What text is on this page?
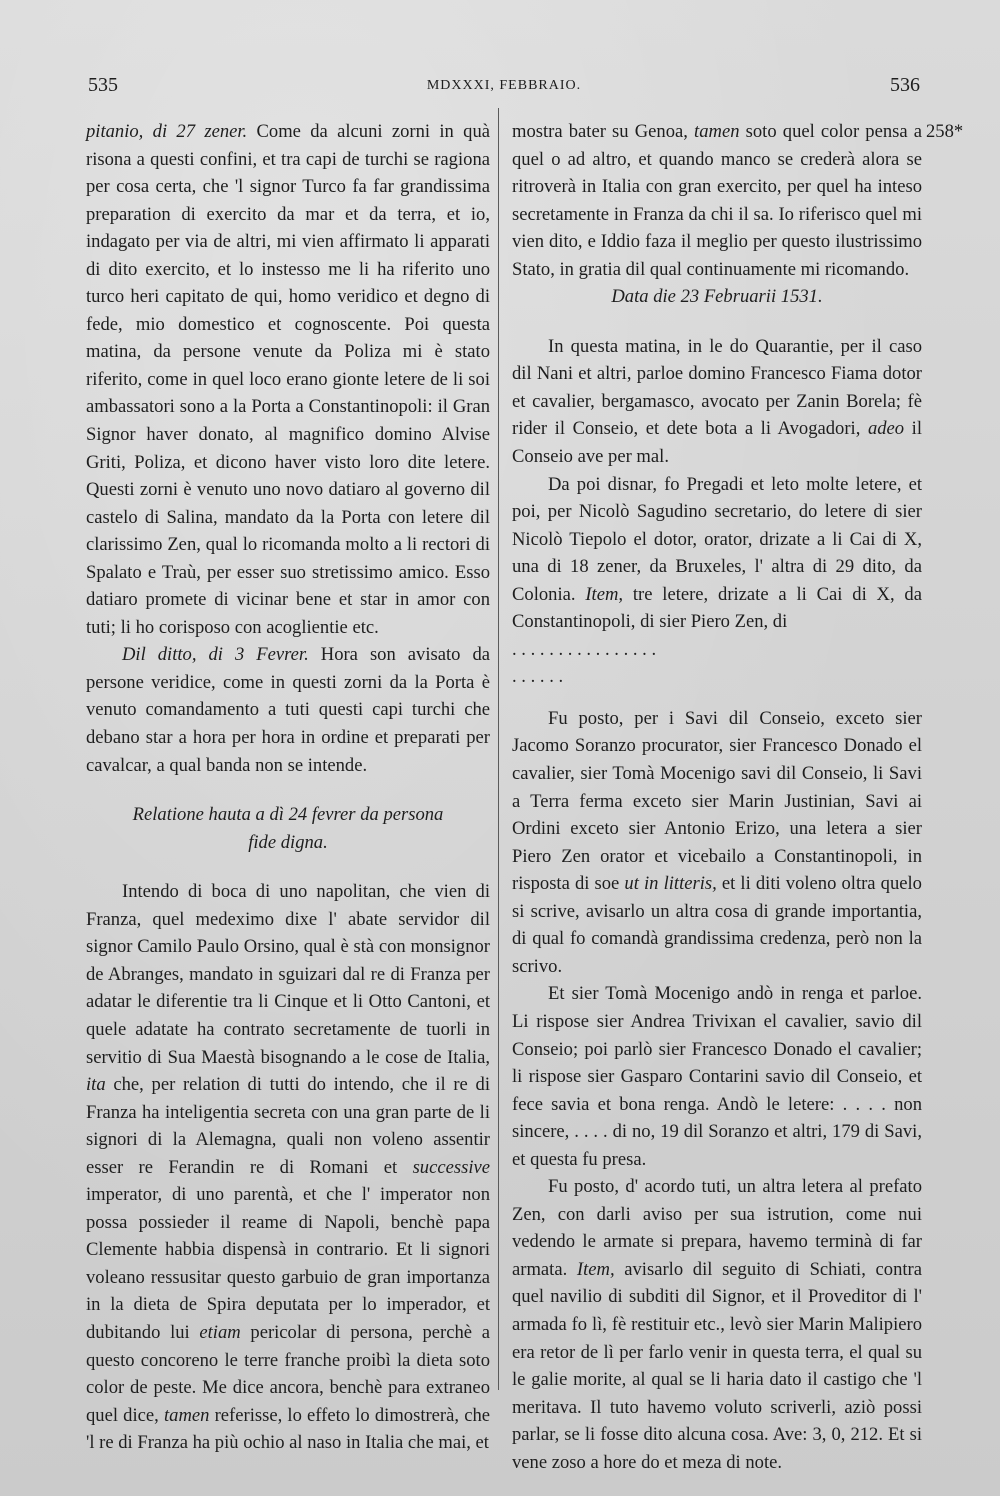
535	MDXXXI, FEBBRAIO.	536
258*

pitanio, di 27 zener. Come da alcuni zorni in quà risona a questi confini, et tra capi de turchi se ragiona per cosa certa, che 'l signor Turco fa far grandissima preparation di exercito da mar et da terra, et io, indagato per via de altri, mi vien affirmato li apparati di dito exercito, et lo instesso me li ha riferito uno turco heri capitato de qui, homo veridico et degno di fede, mio domestico et cognoscente. Poi questa matina, da persone venute da Poliza mi è stato riferito, come in quel loco erano gionte letere de li soi ambassatori sono a la Porta a Constantinopoli: il Gran Signor haver donato, al magnifico domino Alvise Griti, Poliza, et dicono haver visto loro dite letere. Questi zorni è venuto uno novo datiaro al governo dil castelo di Salina, mandato da la Porta con letere dil clarissimo Zen, qual lo ricomanda molto a li rectori di Spalato e Traù, per esser suo stretissimo amico. Esso datiaro promete di vicinar bene et star in amor con tuti; li ho corisposo con acoglientie etc.

Dil ditto, di 3 Fevrer. Hora son avisato da persone veridice, come in questi zorni da la Porta è venuto comandamento a tuti questi capi turchi che debano star a hora per hora in ordine et preparati per cavalcar, a qual banda non se intende.

Relatione hauta a dì 24 fevrer da persona
fide digna.

Intendo di boca di uno napolitan, che vien di Franza, quel medeximo dixe l' abate servidor dil signor Camilo Paulo Orsino, qual è stà con monsignor de Abranges, mandato in sguizari dal re di Franza per adatar le diferentie tra li Cinque et li Otto Cantoni, et quele adatate ha contrato secretamente de tuorli in servitio di Sua Maestà bisognando a le cose de Italia, ita che, per relation di tutti do intendo, che il re di Franza ha inteligentia secreta con una gran parte de li signori di la Alemagna, quali non voleno assentir esser re Ferandin re di Romani et successive imperator, di uno parentà, et che l' imperator non possa possieder il reame di Napoli, benchè papa Clemente habbia dispensà in contrario. Et li signori voleano ressusitar questo garbuio de gran importanza in la dieta de Spira deputata per lo imperador, et dubitando lui etiam pericolar di persona, perchè a questo concoreno le terre franche proibì la dieta soto color de peste. Me dice ancora, benchè para extraneo quel dice, tamen referisse, lo effeto lo dimostrerà, che 'l re di Franza ha più ochio al naso in Italia che mai, et

mostra bater su Genoa, tamen soto quel color pensa a quel o ad altro, et quando manco se crederà alora se ritroverà in Italia con gran exercito, per quel ha inteso secretamente in Franza da chi il sa. Io riferisco quel mi vien dito, e Iddio faza il meglio per questo ilustrissimo Stato, in gratia dil qual continuamente mi ricomando.

Data die 23 Februarii 1531.

In questa matina, in le do Quarantie, per il caso dil Nani et altri, parloe domino Francesco Fiama dotor et cavalier, bergamasco, avocato per Zanin Borela; fè rider il Conseio, et dete bota a li Avogadori, adeo il Conseio ave per mal.

Da poi disnar, fo Pregadi et leto molte letere, et poi, per Nicolò Sagudino secretario, do letere di sier Nicolò Tiepolo el dotor, orator, drizate a li Cai di X, una di 18 zener, da Bruxeles, l' altra di 29 dito, da Colonia. Item, tre letere, drizate a li Cai di X, da Constantinopoli, di sier Piero Zen, di

. . . . . . . . . . . . . . . .

. . . . . .

Fu posto, per i Savi dil Conseio, exceto sier Jacomo Soranzo procurator, sier Francesco Donado el cavalier, sier Tomà Mocenigo savi dil Conseio, li Savi a Terra ferma exceto sier Marin Justinian, Savi ai Ordini exceto sier Antonio Erizo, una letera a sier Piero Zen orator et vicebailo a Constantinopoli, in risposta di soe ut in litteris, et li diti voleno oltra quelo si scrive, avisarlo un altra cosa di grande importantia, di qual fo comandà grandissima credenza, però non la scrivo.

Et sier Tomà Mocenigo andò in renga et parloe. Li rispose sier Andrea Trivixan el cavalier, savio dil Conseio; poi parlò sier Francesco Donado el cavalier; li rispose sier Gasparo Contarini savio dil Conseio, et fece savia et bona renga. Andò le letere: . . . . non sincere, . . . . di no, 19 dil Soranzo et altri, 179 di Savi, et questa fu presa.

Fu posto, d' acordo tuti, un altra letera al prefato Zen, con darli aviso per sua istrution, come nui vedendo le armate si prepara, havemo terminà di far armata. Item, avisarlo dil seguito di Schiati, contra quel navilio di subditi dil Signor, et il Proveditor di l' armada fo lì, fè restituir etc., levò sier Marin Malipiero era retor de lì per farlo venir in questa terra, el qual su le galie morite, al qual se li haria dato il castigo che 'l meritava. Il tuto havemo voluto scriverli, aziò possi parlar, se li fosse dito alcuna cosa. Ave: 3, 0, 212. Et si vene zoso a hore do et meza di note.
